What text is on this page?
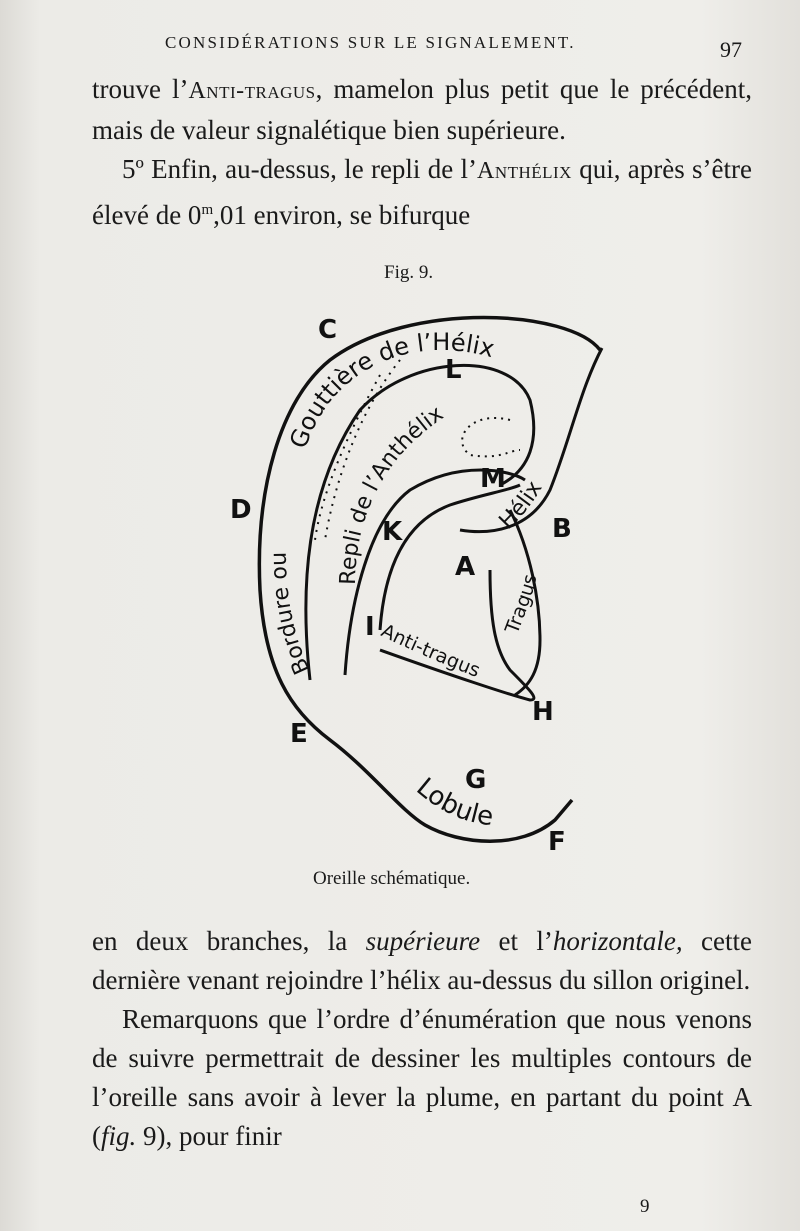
CONSIDÉRATIONS SUR LE SIGNALEMENT.	97

trouve l’Anti-tragus, mamelon plus petit que le précédent, mais de valeur signalétique bien supérieure.

5º Enfin, au-dessus, le repli de l’Anthélix qui, après s’être élevé de 0$^m$,01 environ, se bifurque

Fig. 9.
Gouttière de l’Hélix
Bordure ou
Repli de l’Anthélix
Hélix
Tragus
Anti-tragus
Lobule
C
L
M
D
K	B
A
I
H
E
G
F
Oreille schématique.

en deux branches, la supérieure et l’horizontale, cette dernière venant rejoindre l’hélix au-dessus du sillon originel.

Remarquons que l’ordre d’énumération que nous venons de suivre permettrait de dessiner les multiples contours de l’oreille sans avoir à lever la plume, en partant du point A (fig. 9), pour finir

9
